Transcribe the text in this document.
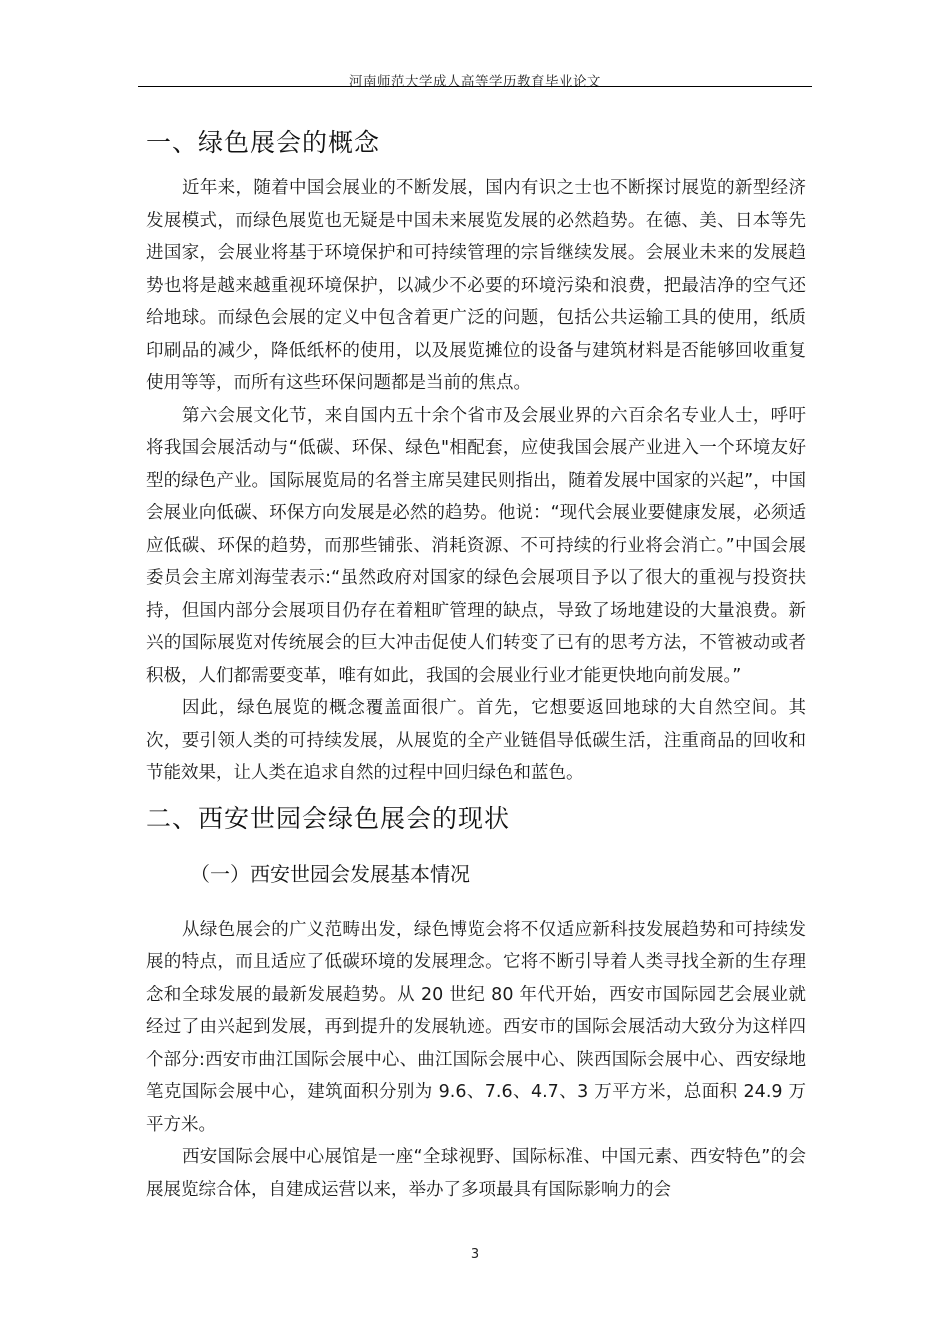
河南师范大学成人高等学历教育毕业论文
一、绿色展会的概念

近年来，随着中国会展业的不断发展，国内有识之士也不断探讨展览的新型经济发展模式，而绿色展览也无疑是中国未来展览发展的必然趋势。在德、美、日本等先进国家，会展业将基于环境保护和可持续管理的宗旨继续发展。会展业未来的发展趋势也将是越来越重视环境保护，以减少不必要的环境污染和浪费，把最洁净的空气还给地球。而绿色会展的定义中包含着更广泛的问题，包括公共运输工具的使用，纸质印刷品的减少，降低纸杯的使用，以及展览摊位的设备与建筑材料是否能够回收重复使用等等，而所有这些环保问题都是当前的焦点。

第六会展文化节，来自国内五十余个省市及会展业界的六百余名专业人士，呼吁将我国会展活动与“低碳、环保、绿色"相配套，应使我国会展产业进入一个环境友好型的绿色产业。国际展览局的名誉主席吴建民则指出，随着发展中国家的兴起”，中国会展业向低碳、环保方向发展是必然的趋势。他说：“现代会展业要健康发展，必须适应低碳、环保的趋势，而那些铺张、消耗资源、不可持续的行业将会消亡。”中国会展委员会主席刘海莹表示:“虽然政府对国家的绿色会展项目予以了很大的重视与投资扶持，但国内部分会展项目仍存在着粗旷管理的缺点，导致了场地建设的大量浪费。新兴的国际展览对传统展会的巨大冲击促使人们转变了已有的思考方法，不管被动或者积极，人们都需要变革，唯有如此，我国的会展业行业才能更快地向前发展。”

因此，绿色展览的概念覆盖面很广。首先，它想要返回地球的大自然空间。其次，要引领人类的可持续发展，从展览的全产业链倡导低碳生活，注重商品的回收和节能效果，让人类在追求自然的过程中回归绿色和蓝色。

二、西安世园会绿色展会的现状
（一）西安世园会发展基本情况

从绿色展会的广义范畴出发，绿色博览会将不仅适应新科技发展趋势和可持续发展的特点，而且适应了低碳环境的发展理念。它将不断引导着人类寻找全新的生存理念和全球发展的最新发展趋势。从 20 世纪 80 年代开始，西安市国际园艺会展业就经过了由兴起到发展，再到提升的发展轨迹。西安市的国际会展活动大致分为这样四个部分:西安市曲江国际会展中心、曲江国际会展中心、陕西国际会展中心、西安绿地笔克国际会展中心，建筑面积分别为 9.6、7.6、4.7、3 万平方米，总面积 24.9 万平方米。

西安国际会展中心展馆是一座“全球视野、国际标准、中国元素、西安特色”的会展展览综合体，自建成运营以来，举办了多项最具有国际影响力的会

3
